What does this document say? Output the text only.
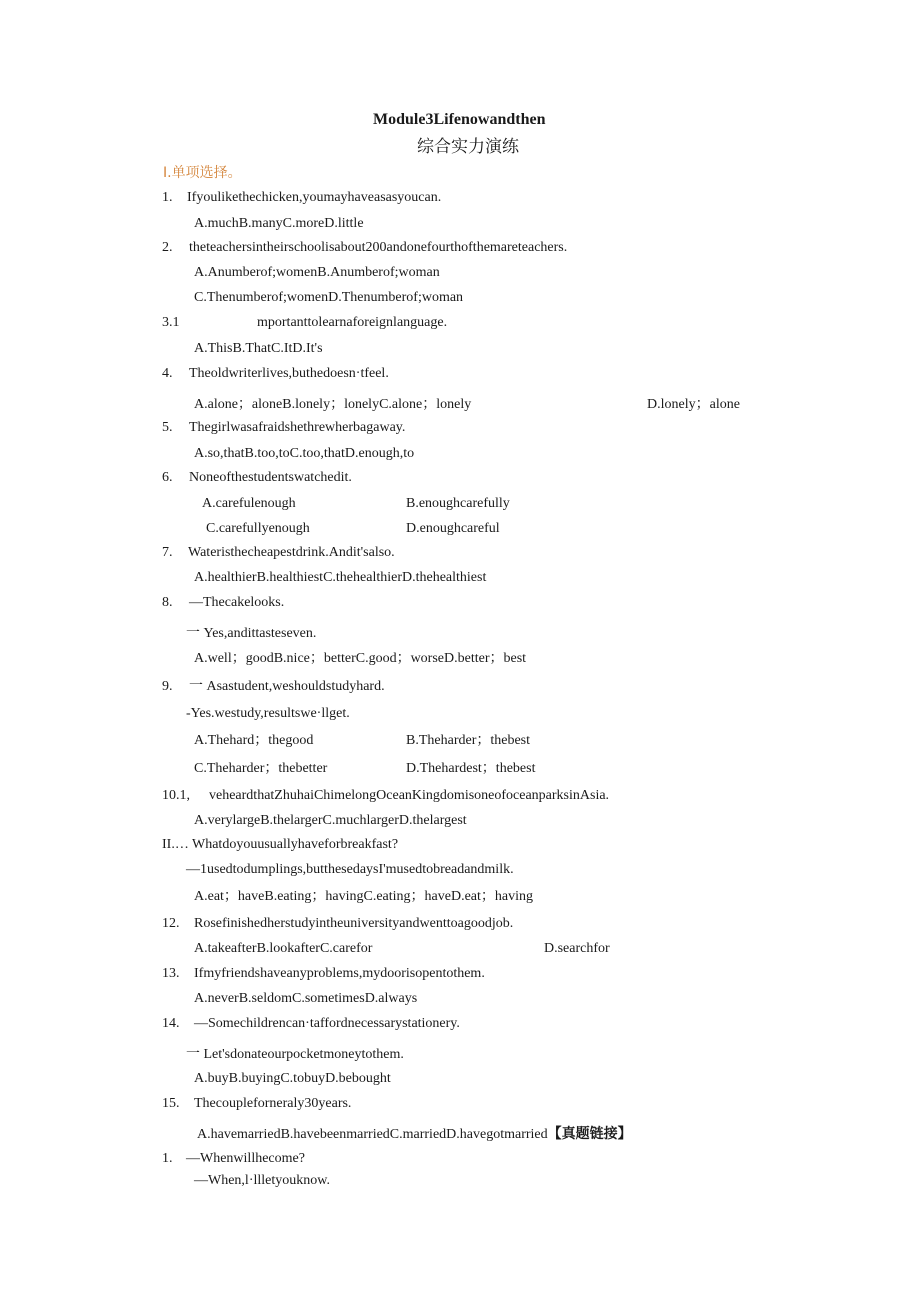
Module3Lifenowandthen
综合实力演练
I.单项选择。
1. Ifyoulikethechicken,youmayhaveasasyoucan.
A.muchB.manyC.moreD.little
2. theteachersintheirschoolisabout200andonefourthofthemareteachers.
A.Anumberof;womenB.Anumberof;woman
C.Thenumberof;womenD.Thenumberof;woman
3.1	mportanttolearnaforeignlanguage.
A.ThisB.ThatC.ItD.It's
4. Theoldwriterlives,buthedoesn·tfeel.
A.alone；aloneB.lonely；lonelyC.alone；lonely	D.lonely；alone
5. Thegirlwasafraidshethrewherbagaway.
A.so,thatB.too,toC.too,thatD.enough,to
6. Noneofthestudentswatchedit.
A.carefulenough	B.enoughcarefully
C.carefullyenough	D.enoughcareful
7. Wateristhecheapestdrink.Andit'salso.
A.healthierB.healthiestC.thehealthierD.thehealthiest
8. —Thecakelooks.
一 Yes,andittasteseven.
A.well；goodB.nice；betterC.good；worseD.better；best
9. 一 Asastudent,weshouldstudyhard.
-Yes.westudy,resultswe·llget.
A.Thehard；thegood	B.Theharder；thebest
C.Theharder；thebetter	D.Thehardest；thebest
10.1, veheardthatZhuhaiChimelongOceanKingdomisoneofoceanparksinAsia.
A.verylargeB.thelargerC.muchlargerD.thelargest
II.… Whatdoyouusuallyhaveforbreakfast?
—1usedtodumplings,butthesedaysI'musedtobreadandmilk.
A.eat；haveB.eating；havingC.eating；haveD.eat；having
12. Rosefinishedherstudyintheuniversityandwenttoagoodjob.
A.takeafterB.lookafterC.carefor	D.searchfor
13. Ifmyfriendshaveanyproblems,mydoorisopentothem.
A.neverB.seldomC.sometimesD.always
14. —Somechildrencan·taffordnecessarystationery.
一 Let'sdonateourpocketmoneytothem.
A.buyB.buyingC.tobuyD.bebought
15. Thecoupleforneraly30years.
A.havemarriedB.havebeenmarriedC.marriedD.havegotmarried【真题链接】
1. —Whenwillhecome?
—When,l·llletyouknow.
